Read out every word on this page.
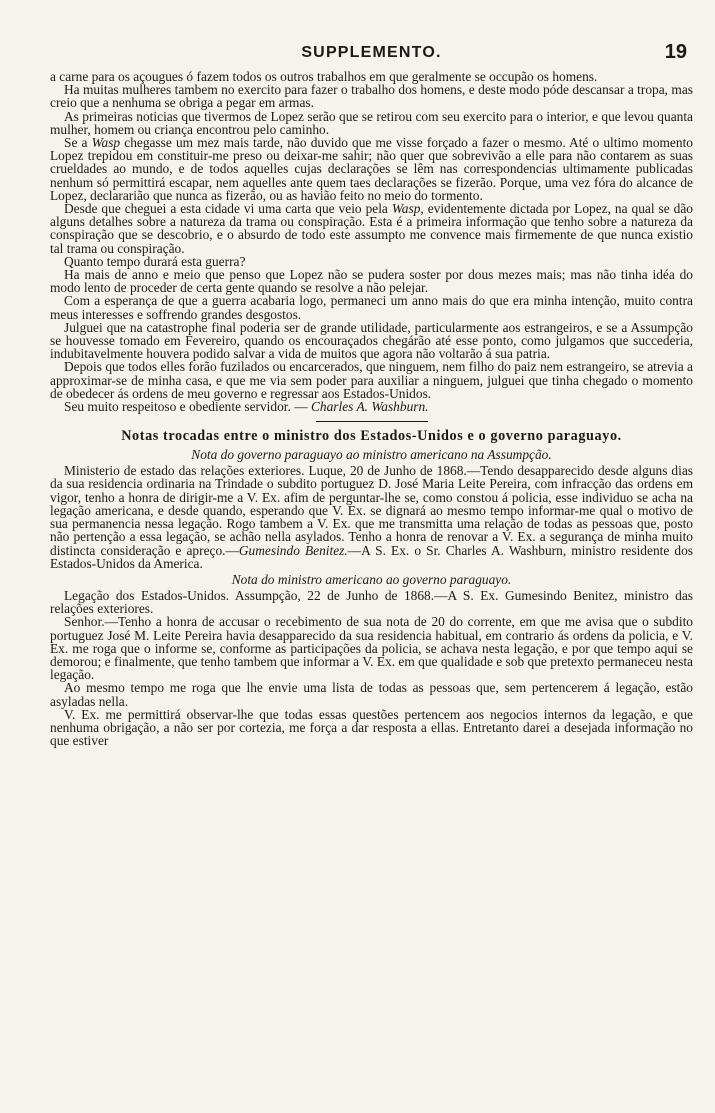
SUPPLEMENTO.	19

a carne para os açougues ó fazem todos os outros trabalhos em que geralmente se occupão os homens.

Ha muitas mulheres tambem no exercito para fazer o trabalho dos homens, e deste modo póde descansar a tropa, mas creio que a nenhuma se obriga a pegar em armas.

As primeiras noticias que tivermos de Lopez serão que se retirou com seu exercito para o interior, e que levou quanta mulher, homem ou criança encontrou pelo caminho.

Se a Wasp chegasse um mez mais tarde, não duvido que me visse forçado a fazer o mesmo. Até o ultimo momento Lopez trepidou em constituir-me preso ou deixar-me sahir; não quer que sobrevivão a elle para não contarem as suas crueldades ao mundo, e de todos aquelles cujas declarações se lêm nas correspondencias ultimamente publicadas nenhum só permittirá escapar, nem aquelles ante quem taes declarações se fizerão. Porque, uma vez fóra do alcance de Lopez, declararião que nunca as fizerão, ou as havião feito no meio do tormento.

Desde que cheguei a esta cidade vi uma carta que veio pela Wasp, evidentemente dictada por Lopez, na qual se dão alguns detalhes sobre a natureza da trama ou conspiração. Esta é a primeira informação que tenho sobre a natureza da conspiração que se descobrio, e o absurdo de todo este assumpto me convence mais firmemente de que nunca existio tal trama ou conspiração.

Quanto tempo durará esta guerra?

Ha mais de anno e meio que penso que Lopez não se pudera soster por dous mezes mais; mas não tinha idéa do modo lento de proceder de certa gente quando se resolve a não pelejar.

Com a esperança de que a guerra acabaria logo, permaneci um anno mais do que era minha intenção, muito contra meus interesses e soffrendo grandes desgostos.

Julguei que na catastrophe final poderia ser de grande utilidade, particularmente aos estrangeiros, e se a Assumpção se houvesse tomado em Fevereiro, quando os encouraçados chegárão até esse ponto, como julgamos que succederia, indubitavelmente houvera podido salvar a vida de muitos que agora não voltarão á sua patria.

Depois que todos elles forão fuzilados ou encarcerados, que ninguem, nem filho do paiz nem estrangeiro, se atrevia a approximar-se de minha casa, e que me via sem poder para auxiliar a ninguem, julguei que tinha chegado o momento de obedecer ás ordens de meu governo e regressar aos Estados-Unidos.

Seu muito respeitoso e obediente servidor. — Charles A. Washburn.

Notas trocadas entre o ministro dos Estados-Unidos e o governo paraguayo.
Nota do governo paraguayo ao ministro americano na Assumpção.

Ministerio de estado das relações exteriores. Luque, 20 de Junho de 1868.—Tendo desapparecido desde alguns dias da sua residencia ordinaria na Trindade o subdito portuguez D. José Maria Leite Pereira, com infracção das ordens em vigor, tenho a honra de dirigir-me a V. Ex. afim de perguntar-lhe se, como constou á policia, esse individuo se acha na legação americana, e desde quando, esperando que V. Ex. se dignará ao mesmo tempo informar-me qual o motivo de sua permanencia nessa legação. Rogo tambem a V. Ex. que me transmitta uma relação de todas as pessoas que, posto não pertenção a essa legação, se achão nella asylados. Tenho a honra de renovar a V. Ex. a segurança de minha muito distincta consideração e apreço.—Gumesindo Benitez.—A S. Ex. o Sr. Charles A. Washburn, ministro residente dos Estados-Unidos da America.

Nota do ministro americano ao governo paraguayo.

Legação dos Estados-Unidos. Assumpção, 22 de Junho de 1868.—A S. Ex. Gumesindo Benitez, ministro das relações exteriores.

Senhor.—Tenho a honra de accusar o recebimento de sua nota de 20 do corrente, em que me avisa que o subdito portuguez José M. Leite Pereira havia desapparecido da sua residencia habitual, em contrario ás ordens da policia, e V. Ex. me roga que o informe se, conforme as participações da policia, se achava nesta legação, e por que tempo aqui se demorou; e finalmente, que tenho tambem que informar a V. Ex. em que qualidade e sob que pretexto permaneceu nesta legação.

Ao mesmo tempo me roga que lhe envie uma lista de todas as pessoas que, sem pertencerem á legação, estão asyladas nella.

V. Ex. me permittirá observar-lhe que todas essas questões pertencem aos negocios internos da legação, e que nenhuma obrigação, a não ser por cortezia, me força a dar resposta a ellas. Entretanto darei a desejada informação no que estiver
